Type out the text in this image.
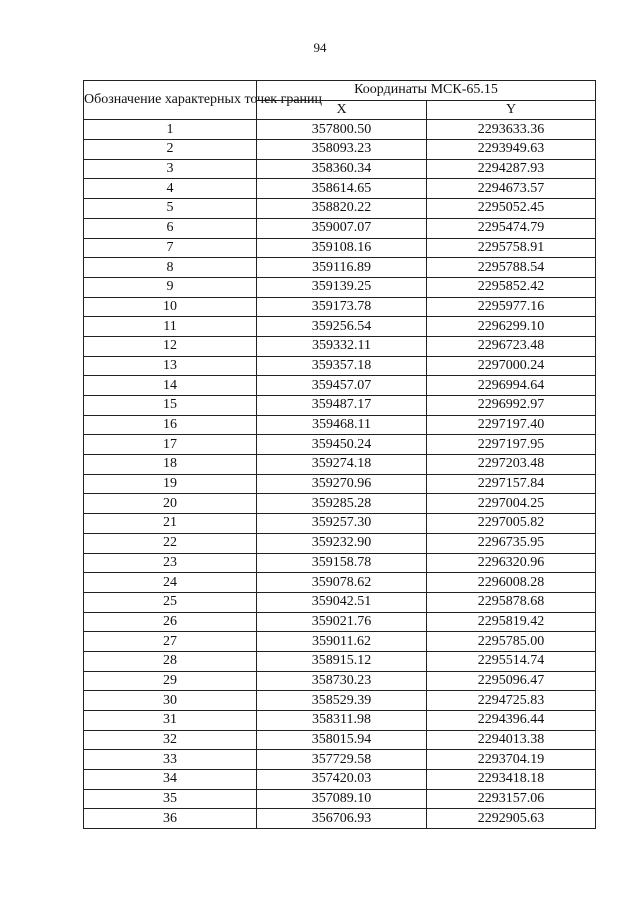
94
Обозначение характерных точек границ	Координаты МСК-65.15	
	X	Y
1	357800.50	2293633.36
2	358093.23	2293949.63
3	358360.34	2294287.93
4	358614.65	2294673.57
5	358820.22	2295052.45
6	359007.07	2295474.79
7	359108.16	2295758.91
8	359116.89	2295788.54
9	359139.25	2295852.42
10	359173.78	2295977.16
11	359256.54	2296299.10
12	359332.11	2296723.48
13	359357.18	2297000.24
14	359457.07	2296994.64
15	359487.17	2296992.97
16	359468.11	2297197.40
17	359450.24	2297197.95
18	359274.18	2297203.48
19	359270.96	2297157.84
20	359285.28	2297004.25
21	359257.30	2297005.82
22	359232.90	2296735.95
23	359158.78	2296320.96
24	359078.62	2296008.28
25	359042.51	2295878.68
26	359021.76	2295819.42
27	359011.62	2295785.00
28	358915.12	2295514.74
29	358730.23	2295096.47
30	358529.39	2294725.83
31	358311.98	2294396.44
32	358015.94	2294013.38
33	357729.58	2293704.19
34	357420.03	2293418.18
35	357089.10	2293157.06
36	356706.93	2292905.63
